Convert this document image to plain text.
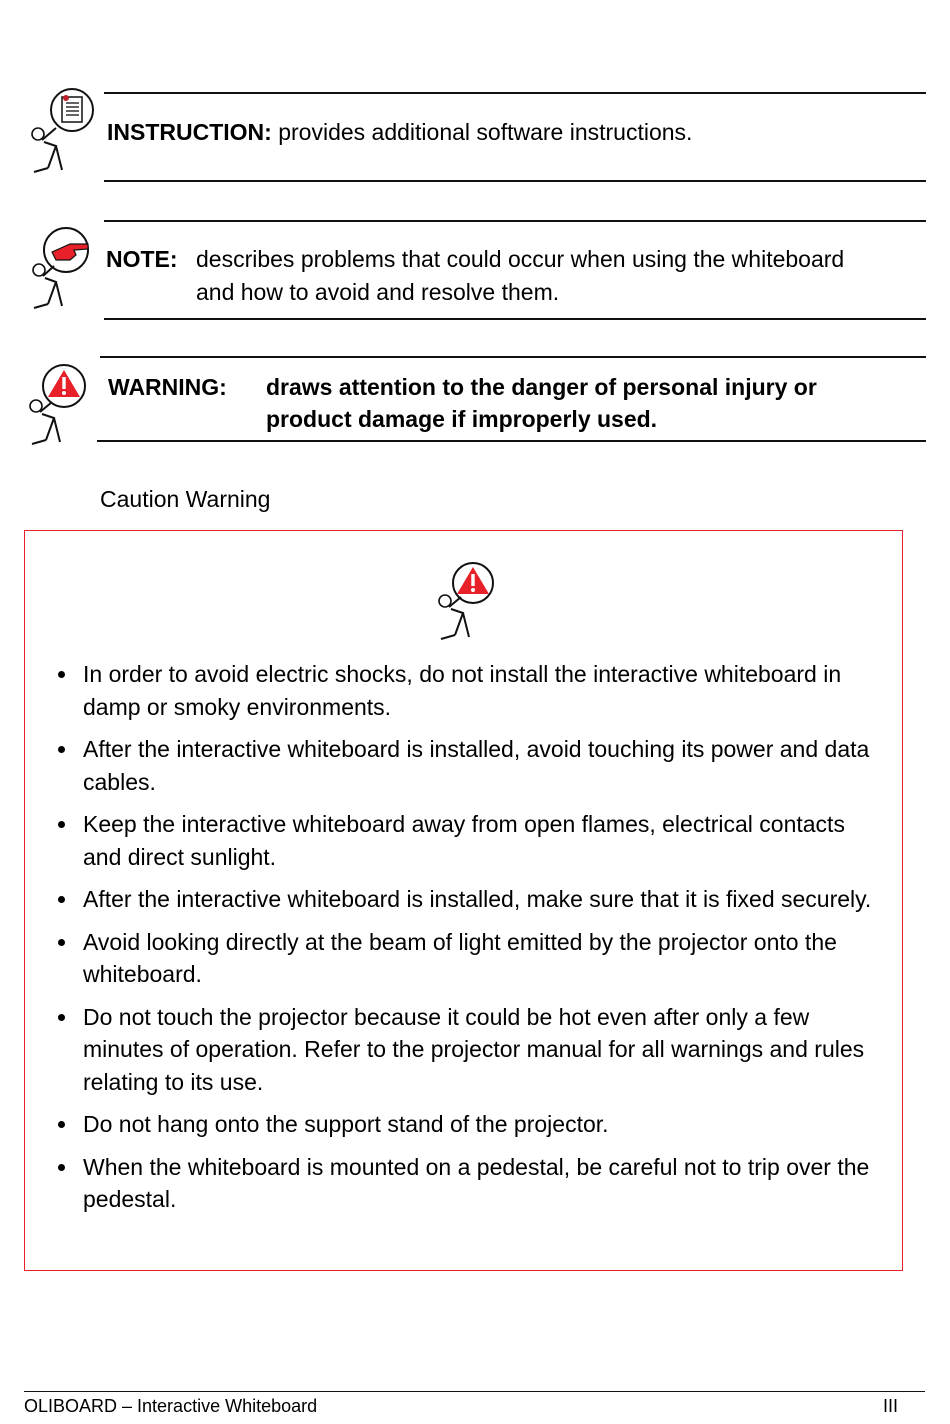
INSTRUCTION: provides additional software instructions.
NOTE: describes problems that could occur when using the whiteboard
and how to avoid and resolve them.
WARNING: draws attention to the danger of personal injury or
product damage if improperly used.
Caution Warning
In order to avoid electric shocks, do not install the interactive whiteboard in damp or smoky environments.
After the interactive whiteboard is installed, avoid touching its power and data cables.
Keep the interactive whiteboard away from open flames, electrical contacts and direct sunlight.
After the interactive whiteboard is installed, make sure that it is fixed securely.
Avoid looking directly at the beam of light emitted by the projector onto the whiteboard.
Do not touch the projector because it could be hot even after only a few minutes of operation. Refer to the projector manual for all warnings and rules relating to its use.
Do not hang onto the support stand of the projector.
When the whiteboard is mounted on a pedestal, be careful not to trip over the pedestal.
OLIBOARD – Interactive Whiteboard	III
